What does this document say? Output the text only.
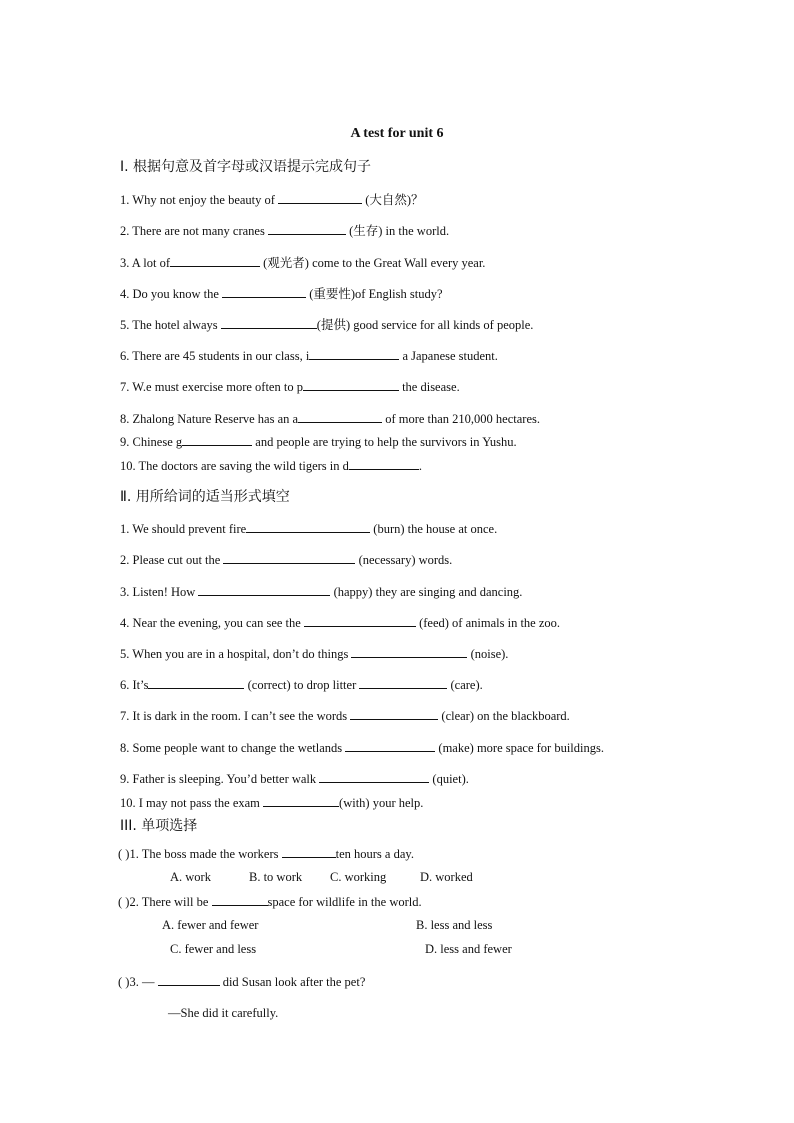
A test for unit 6
Ⅰ. 根据句意及首字母或汉语提示完成句子
1. Why not enjoy the beauty of	(大自然)？
2. There are not many cranes	(生存) in the world.
3. A lot of	(观光者) come to the Great Wall every year.
4. Do you know the	(重要性)of English study?
5. The hotel always	(提供) good service for all kinds of people.
6. There are 45 students in our class, i	a Japanese student.
7. W.e must exercise more often to p	the disease.
8. Zhalong Nature Reserve has an a	of more than 210,000 hectares.
9. Chinese g	and people are trying to help the survivors in Yushu.
10. The doctors are saving the wild tigers in d	.
Ⅱ. 用所给词的适当形式填空
1. We should prevent fire	(burn) the house at once.
2. Please cut out the	(necessary) words.
3. Listen! How	(happy) they are singing and dancing.
4. Near the evening, you can see the	(feed) of animals in the zoo.
5. When you are in a hospital, don’t do things	(noise).
6. It’s	(correct) to drop litter	(care).
7. It is dark in the room. I can’t see the words	(clear) on the blackboard.
8. Some people want to change the wetlands	(make) more space for buildings.
9. Father is sleeping. You’d better walk	(quiet).
10. I may not pass the exam	(with) your help.
III. 单项选择
( )1. The boss made the workers	ten hours a day.
A. work	B. to work C. working	D. worked
( )2. There will be	space for wildlife in the world.
A. fewer and fewer	B. less and less
C. fewer and less	D. less and fewer
( )3. —	did Susan look after the pet?
—She did it carefully.
